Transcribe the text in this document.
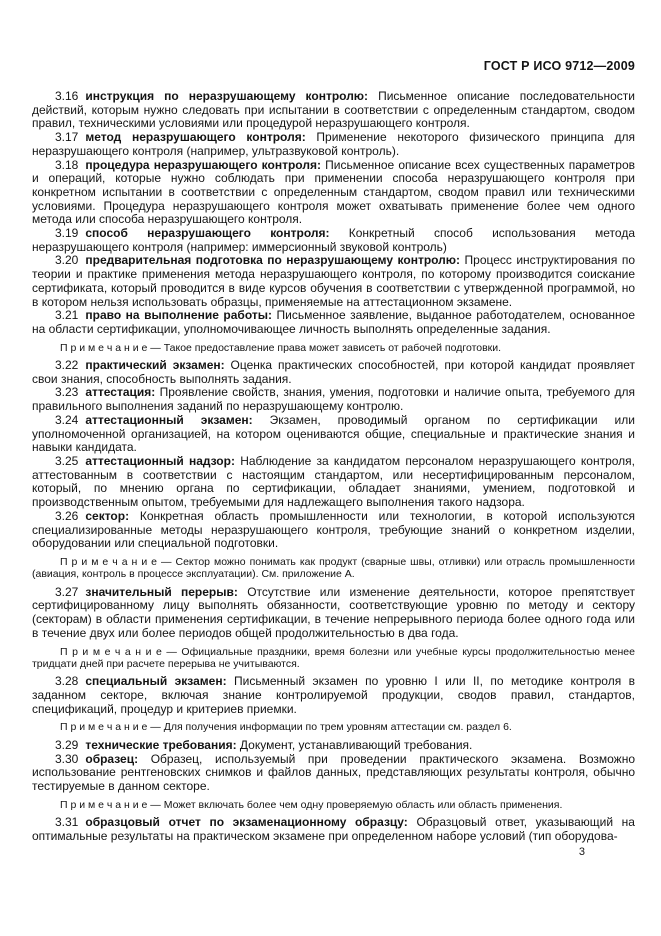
ГОСТ Р ИСО 9712—2009

3.16 инструкция по неразрушающему контролю: Письменное описание последовательности действий, которым нужно следовать при испытании в соответствии с определенным стандартом, сводом правил, техническими условиями или процедурой неразрушающего контроля.

3.17 метод неразрушающего контроля: Применение некоторого физического принципа для неразрушающего контроля (например, ультразвуковой контроль).

3.18 процедура неразрушающего контроля: Письменное описание всех существенных параметров и операций, которые нужно соблюдать при применении способа неразрушающего контроля при конкретном испытании в соответствии с определенным стандартом, сводом правил или техническими условиями. Процедура неразрушающего контроля может охватывать применение более чем одного метода или способа неразрушающего контроля.

3.19 способ неразрушающего контроля: Конкретный способ использования метода неразрушающего контроля (например: иммерсионный звуковой контроль)

3.20 предварительная подготовка по неразрушающему контролю: Процесс инструктирования по теории и практике применения метода неразрушающего контроля, по которому производится соискание сертификата, который проводится в виде курсов обучения в соответствии с утвержденной программой, но в котором нельзя использовать образцы, применяемые на аттестационном экзамене.

3.21 право на выполнение работы: Письменное заявление, выданное работодателем, основанное на области сертификации, уполномочивающее личность выполнять определенные задания.

П р и м е ч а н и е — Такое предоставление права может зависеть от рабочей подготовки.

3.22 практический экзамен: Оценка практических способностей, при которой кандидат проявляет свои знания, способность выполнять задания.

3.23 аттестация: Проявление свойств, знания, умения, подготовки и наличие опыта, требуемого для правильного выполнения заданий по неразрушающему контролю.

3.24 аттестационный экзамен: Экзамен, проводимый органом по сертификации или уполномоченной организацией, на котором оцениваются общие, специальные и практические знания и навыки кандидата.

3.25 аттестационный надзор: Наблюдение за кандидатом персоналом неразрушающего контроля, аттестованным в соответствии с настоящим стандартом, или несертифицированным персоналом, который, по мнению органа по сертификации, обладает знаниями, умением, подготовкой и производственным опытом, требуемыми для надлежащего выполнения такого надзора.

3.26 сектор: Конкретная область промышленности или технологии, в которой используются специализированные методы неразрушающего контроля, требующие знаний о конкретном изделии, оборудовании или специальной подготовки.

П р и м е ч а н и е — Сектор можно понимать как продукт (сварные швы, отливки) или отрасль промышленности (авиация, контроль в процессе эксплуатации). См. приложение А.

3.27 значительный перерыв: Отсутствие или изменение деятельности, которое препятствует сертифицированному лицу выполнять обязанности, соответствующие уровню по методу и сектору (секторам) в области применения сертификации, в течение непрерывного периода более одного года или в течение двух или более периодов общей продолжительностью в два года.

П р и м е ч а н и е — Официальные праздники, время болезни или учебные курсы продолжительностью менее тридцати дней при расчете перерыва не учитываются.

3.28 специальный экзамен: Письменный экзамен по уровню I или II, по методике контроля в заданном секторе, включая знание контролируемой продукции, сводов правил, стандартов, спецификаций, процедур и критериев приемки.

П р и м е ч а н и е — Для получения информации по трем уровням аттестации см. раздел 6.

3.29 технические требования: Документ, устанавливающий требования.

3.30 образец: Образец, используемый при проведении практического экзамена. Возможно использование рентгеновских снимков и файлов данных, представляющих результаты контроля, обычно тестируемые в данном секторе.

П р и м е ч а н и е — Может включать более чем одну проверяемую область или область применения.

3.31 образцовый отчет по экзаменационному образцу: Образцовый ответ, указывающий на оптимальные результаты на практическом экзамене при определенном наборе условий (тип оборудова-

3
